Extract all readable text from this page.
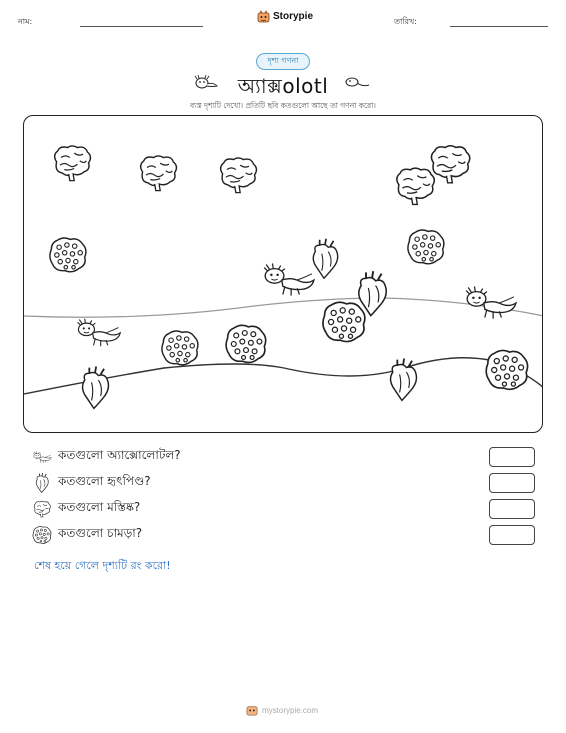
নাম:	Storypie	তারিখ:
দৃশ্য গণনা
অ্যাক্সolotl
ব্যস্ত দৃশ্যটি দেখো। প্রতিটি ছবি কতগুলো আছে তা গণনা করো।
কতগুলো অ্যাক্সোলোটল?
কতগুলো হৃৎপিণ্ড?
কতগুলো মস্তিষ্ক?
কতগুলো চামড়া?
শেষ হয়ে গেলে দৃশ্যটি রং করো!
mystorypie.com
